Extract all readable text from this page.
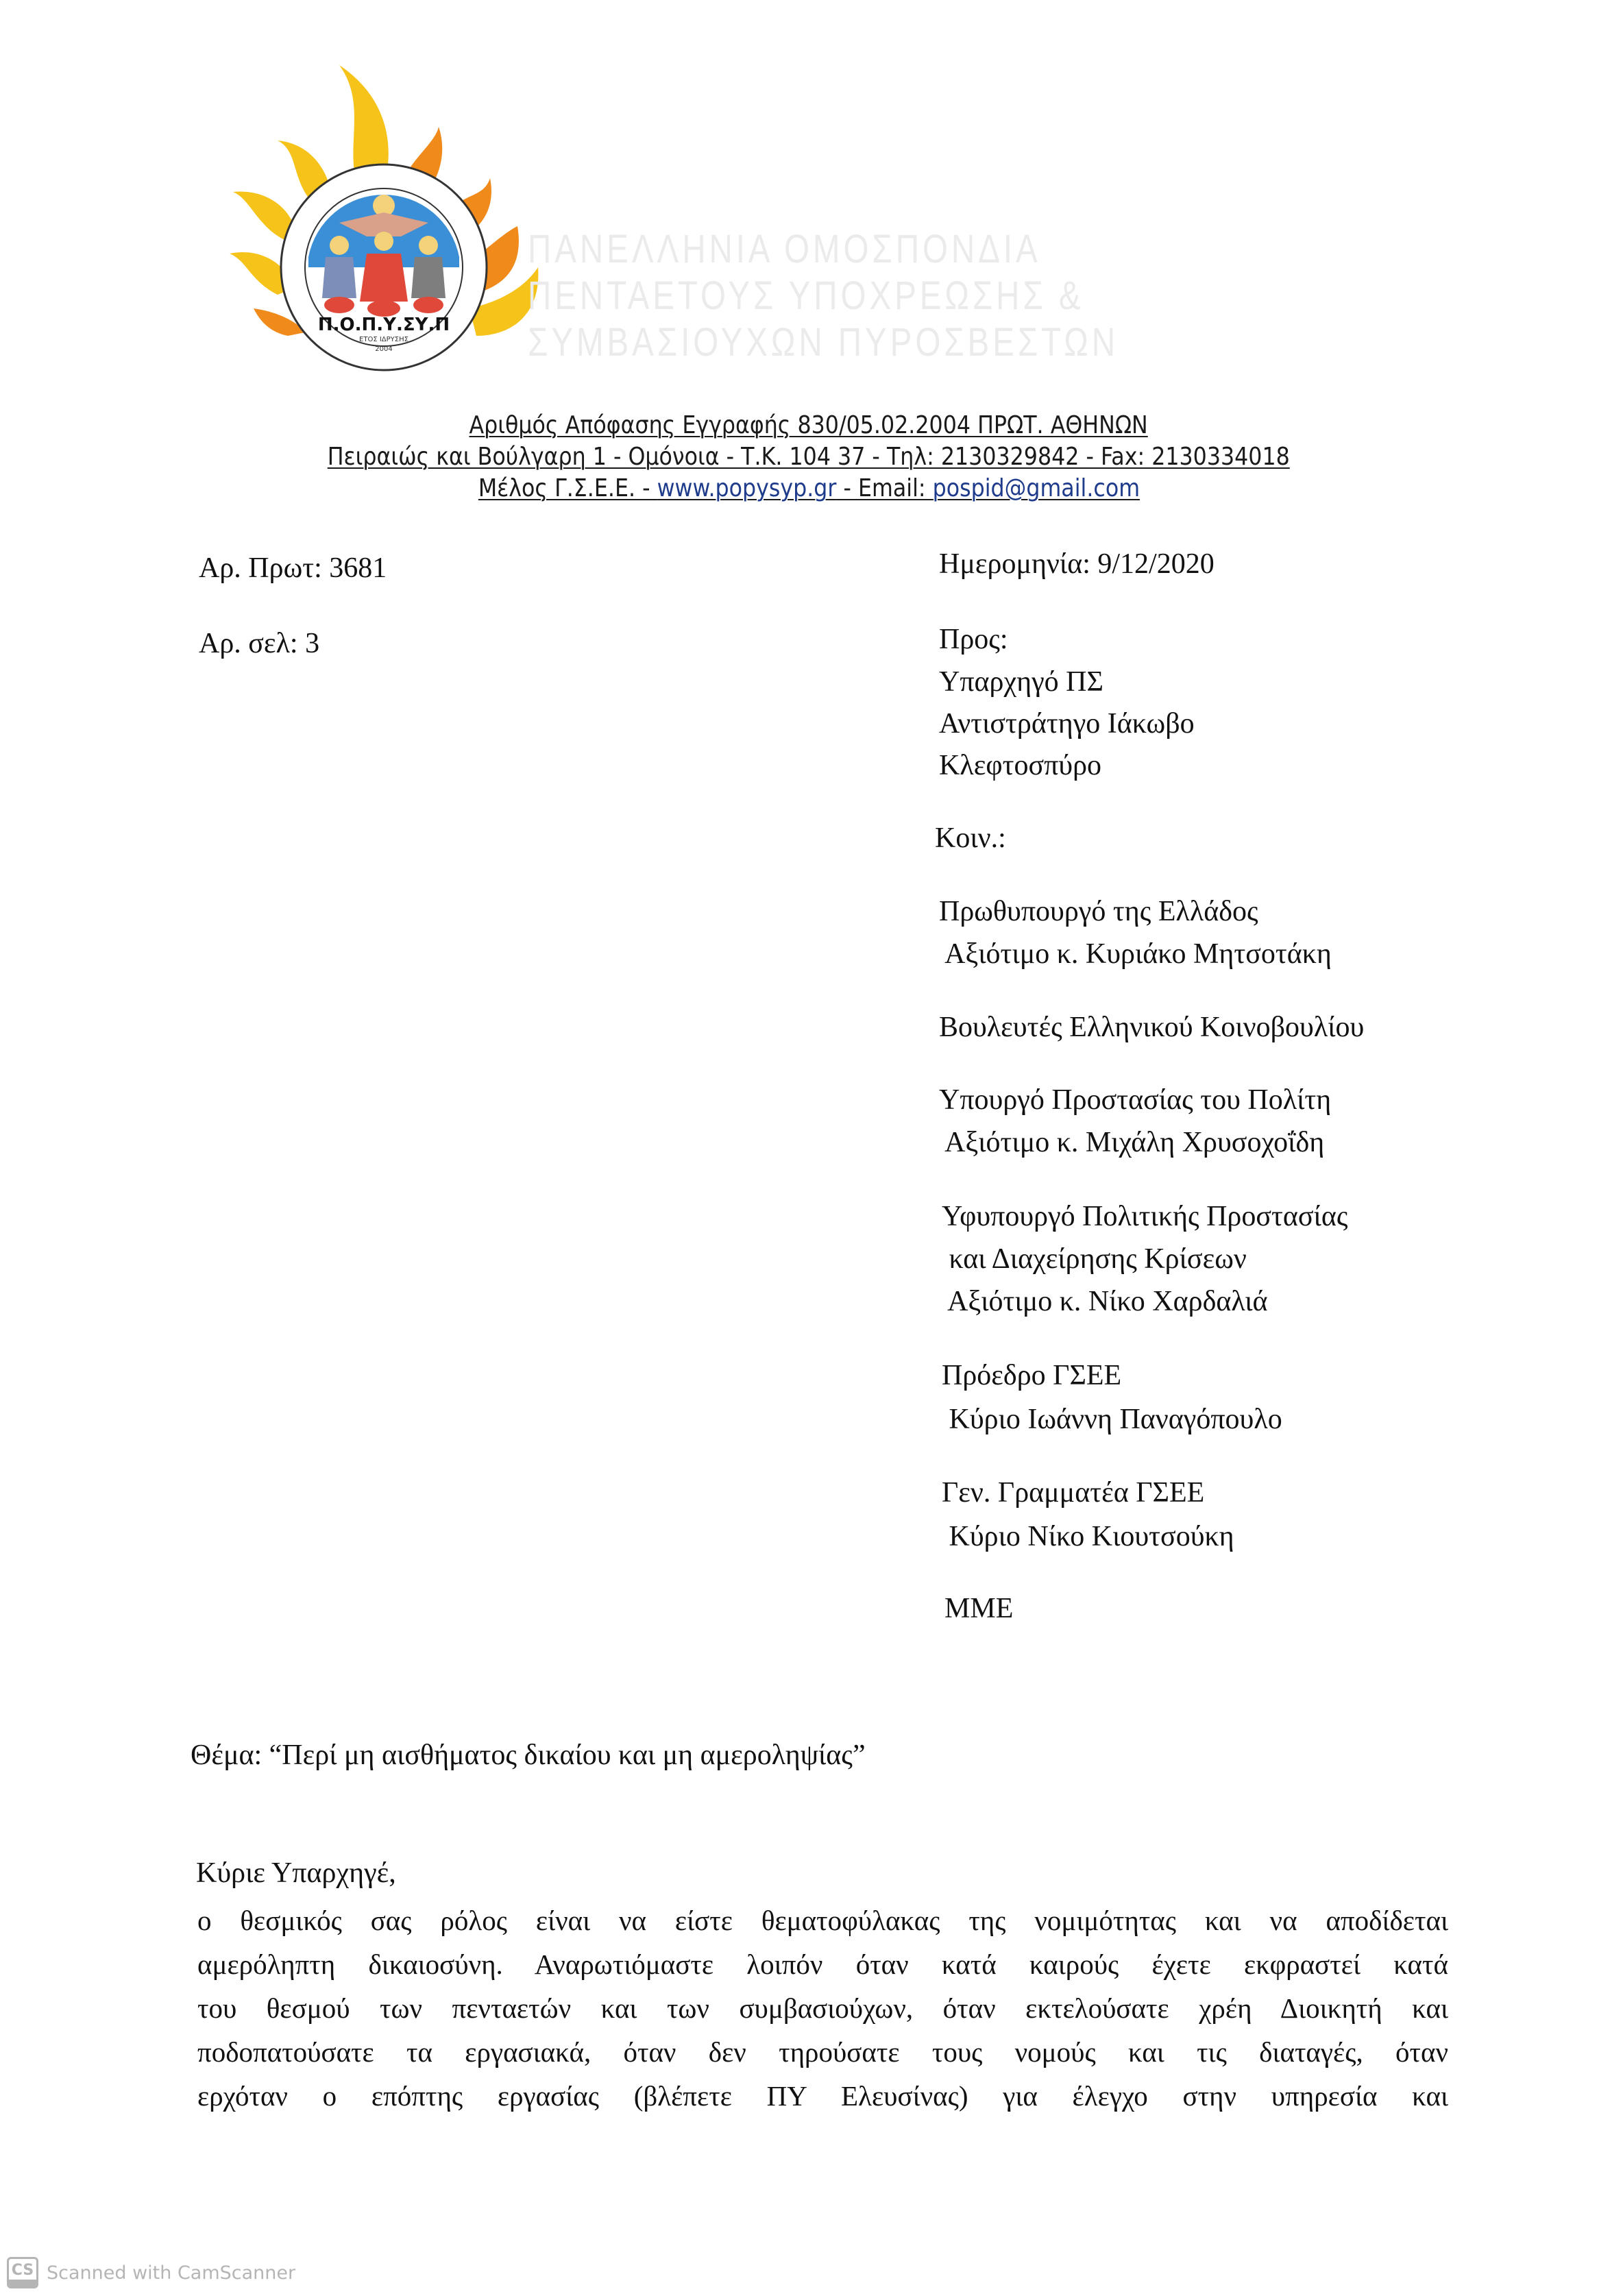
Π.Ο.Π.Υ.ΣΥ.Π
ΕΤΟΣ ΙΔΡΥΣΗΣ
2004
ΠΑΝΕΛΛΗΝΙΑ ΟΜΟΣΠΟΝΔΙΑ
ΠΕΝΤΑΕΤΟΥΣ ΥΠΟΧΡΕΩΣΗΣ &
ΣΥΜΒΑΣΙΟΥΧΩΝ ΠΥΡΟΣΒΕΣΤΩΝ
Αριθμός Απόφασης Εγγραφής 830/05.02.2004 ΠΡΩΤ. ΑΘΗΝΩΝ
Πειραιώς και Βούλγαρη 1 - Ομόνοια - Τ.Κ. 104 37 - Τηλ: 2130329842 - Fax: 2130334018
Μέλος Γ.Σ.Ε.Ε. - www.popysyp.gr - Email: pospid@gmail.com
Αρ. Πρωτ: 3681
Αρ. σελ: 3
Ημερομηνία: 9/12/2020
Προς:
Υπαρχηγό ΠΣ
Αντιστράτηγο Ιάκωβο
Κλεφτοσπύρο
Κοιν.:
Πρωθυπουργό της Ελλάδος
Αξιότιμο κ. Κυριάκο Μητσοτάκη
Βουλευτές Ελληνικού Κοινοβουλίου
Υπουργό Προστασίας του Πολίτη
Αξιότιμο κ. Μιχάλη Χρυσοχοΐδη
Υφυπουργό Πολιτικής Προστασίας
και Διαχείρησης Κρίσεων
Αξιότιμο κ. Νίκο Χαρδαλιά
Πρόεδρο ΓΣΕΕ
Κύριο Ιωάννη Παναγόπουλο
Γεν. Γραμματέα ΓΣΕΕ
Κύριο Νίκο Κιουτσούκη
ΜΜΕ
Θέμα: “Περί μη αισθήματος δικαίου και μη αμεροληψίας”
Κύριε Υπαρχηγέ,
ο θεσμικός σας ρόλος είναι να είστε θεματοφύλακας της νομιμότητας και να αποδίδεται
αμερόληπτη δικαιοσύνη. Αναρωτιόμαστε λοιπόν όταν κατά καιρούς έχετε εκφραστεί κατά
του θεσμού των πενταετών και των συμβασιούχων, όταν εκτελούσατε χρέη Διοικητή και
ποδοπατούσατε τα εργασιακά, όταν δεν τηρούσατε τους νομούς και τις διαταγές, όταν
ερχόταν ο επόπτης εργασίας (βλέπετε ΠΥ Ελευσίνας) για έλεγχο στην υπηρεσία και
CS Scanned with CamScanner
